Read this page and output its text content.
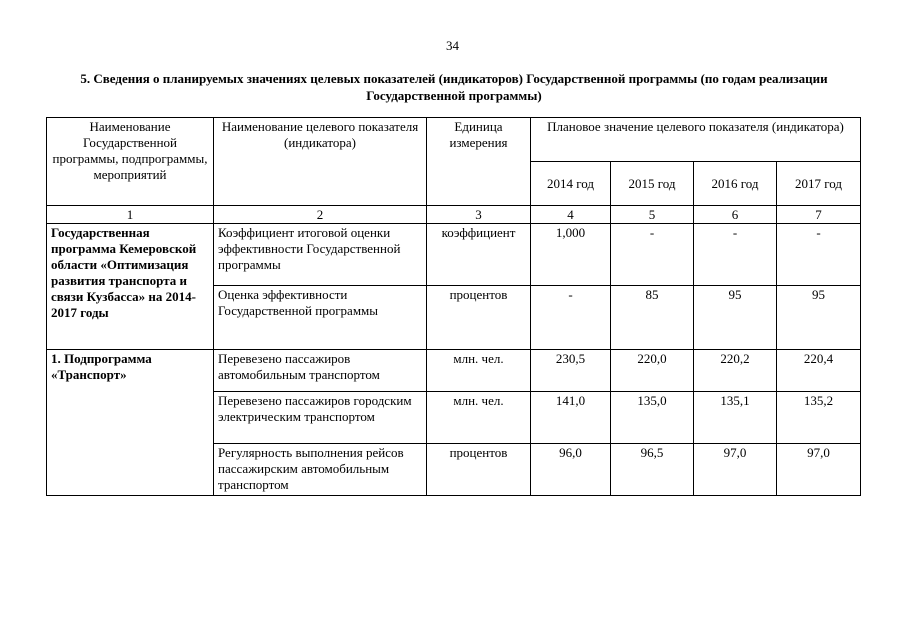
34
5. Сведения о планируемых значениях целевых показателей (индикаторов) Государственной программы (по годам реализации Государственной программы)
Наименование Государственной программы, подпрограммы, мероприятий	Наименование целевого показателя (индикатора)	Единица измерения	Плановое значение целевого показателя (индикатора)			
			2014 год	2015 год	2016 год	2017 год
1	2	3	4	5	6	7
Государственная программа Кемеровской области «Оптимизация развития транспорта и связи Кузбасса» на 2014-2017 годы	Коэффициент итоговой оценки эффективности Государственной программы	коэффициент	1,000	-	-	-
	Оценка эффективности Государственной программы	процентов	-	85	95	95
1. Подпрограмма «Транспорт»	Перевезено пассажиров автомобильным транспортом	млн. чел.	230,5	220,0	220,2	220,4
	Перевезено пассажиров городским электрическим транспортом	млн. чел.	141,0	135,0	135,1	135,2
	Регулярность выполнения рейсов пассажирским автомобильным транспортом	процентов	96,0	96,5	97,0	97,0
